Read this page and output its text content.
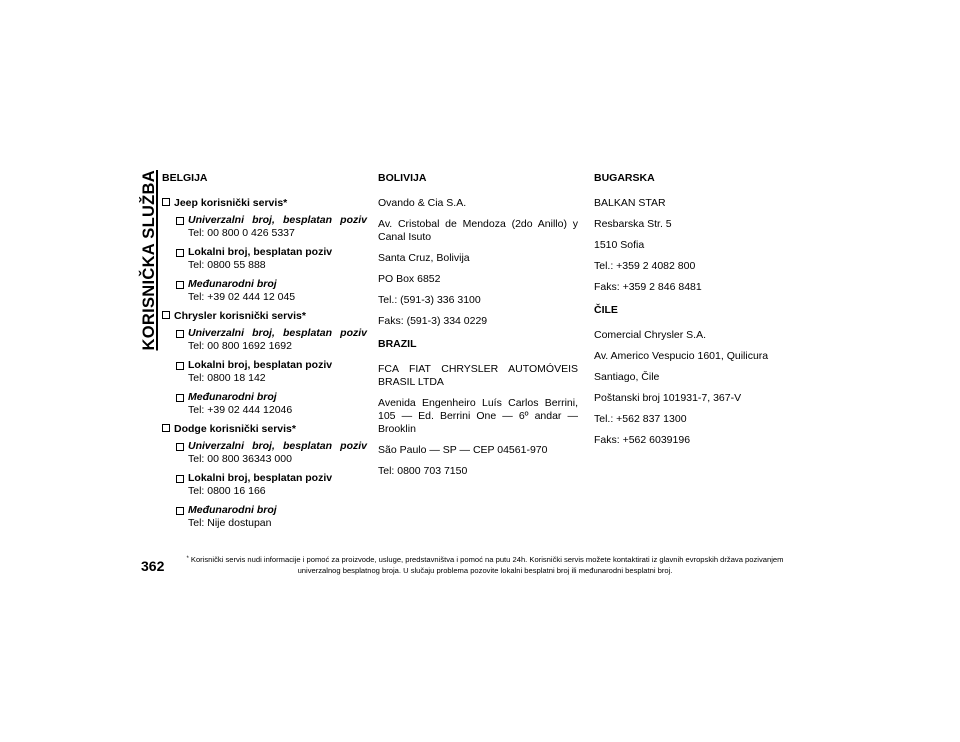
KORISNIČKA SLUŽBA BELGIJA
Jeep korisnički servis*
Univerzalni broj, besplatan poziv
Tel: 00 800 0 426 5337
Lokalni broj, besplatan poziv
Tel: 0800 55 888
Međunarodni broj
Tel: +39 02 444 12 045
Chrysler korisnički servis*
Univerzalni broj, besplatan poziv
Tel: 00 800 1692 1692
Lokalni broj, besplatan poziv
Tel: 0800 18 142
Međunarodni broj
Tel: +39 02 444 12046
Dodge korisnički servis*
Univerzalni broj, besplatan poziv
Tel: 00 800 36343 000
Lokalni broj, besplatan poziv
Tel: 0800 16 166
Međunarodni broj
Tel: Nije dostupan
BOLIVIJA
Ovando & Cia S.A.
Av. Cristobal de Mendoza (2do Anillo) y Canal Isuto
Santa Cruz, Bolivija
PO Box 6852
Tel.: (591-3) 336 3100
Faks: (591-3) 334 0229
BRAZIL
FCA FIAT CHRYSLER AUTOMÓVEIS BRASIL LTDA
Avenida Engenheiro Luís Carlos Berrini, 105 — Ed. Berrini One — 6º andar — Brooklin
São Paulo — SP — CEP 04561-970
Tel: 0800 703 7150
BUGARSKA
BALKAN STAR
Resbarska Str. 5
1510 Sofia
Tel.: +359 2 4082 800
Faks: +359 2 846 8481
ČILE
Comercial Chrysler S.A.
Av. Americo Vespucio 1601, Quilicura
Santiago, Čile
Poštanski broj 101931-7, 367-V
Tel.: +562 837 1300
Faks: +562 6039196
362	* Korisnički servis nudi informacije i pomoć za proizvode, usluge, predstavništva i pomoć na putu 24h. Korisnički servis možete kontaktirati iz glavnih evropskih država pozivanjem univerzalnog besplatnog broja. U slučaju problema pozovite lokalni besplatni broj ili međunarodni besplatni broj.
